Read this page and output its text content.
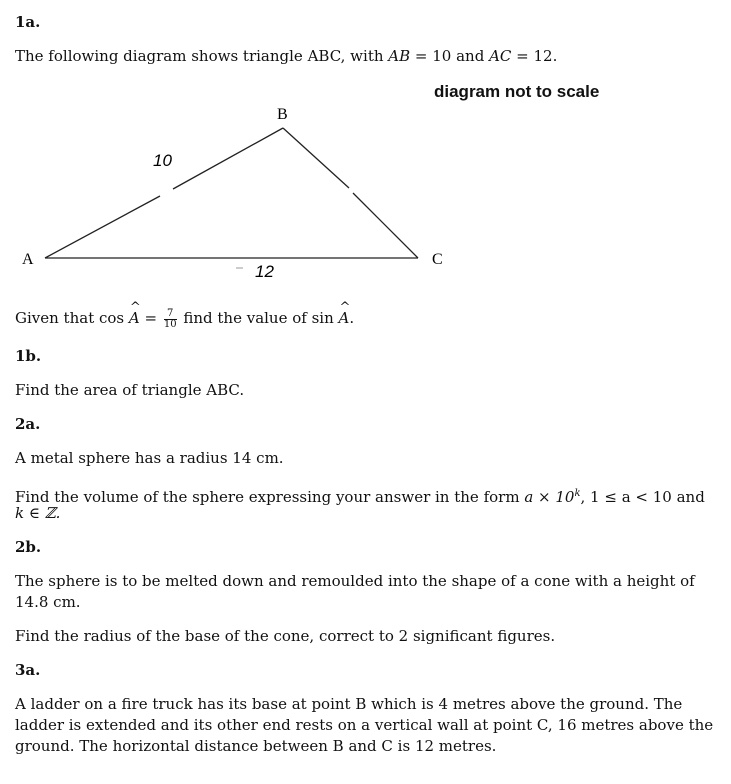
1a.
The following diagram shows triangle ABC, with AB = 10 and AC = 12.
diagram not to scale
A
B
C
10
12
Given that cos ^ $A = \frac{7}{10}$ find the value of sin ^ A.
1b.
Find the area of triangle ABC.
2a.
A metal sphere has a radius 14 cm.
Find the volume of the sphere expressing your answer in the form $a \times 10^k$, 1 ≤ a < 10 and
k ∈ ℤ.
2b.
The sphere is to be melted down and remoulded into the shape of a cone with a height of 14.8 cm.
Find the radius of the base of the cone, correct to 2 significant figures.
3a.
A ladder on a fire truck has its base at point B which is 4 metres above the ground. The ladder is extended and its other end rests on a vertical wall at point C, 16 metres above the ground. The horizontal distance between B and C is 12 metres.
